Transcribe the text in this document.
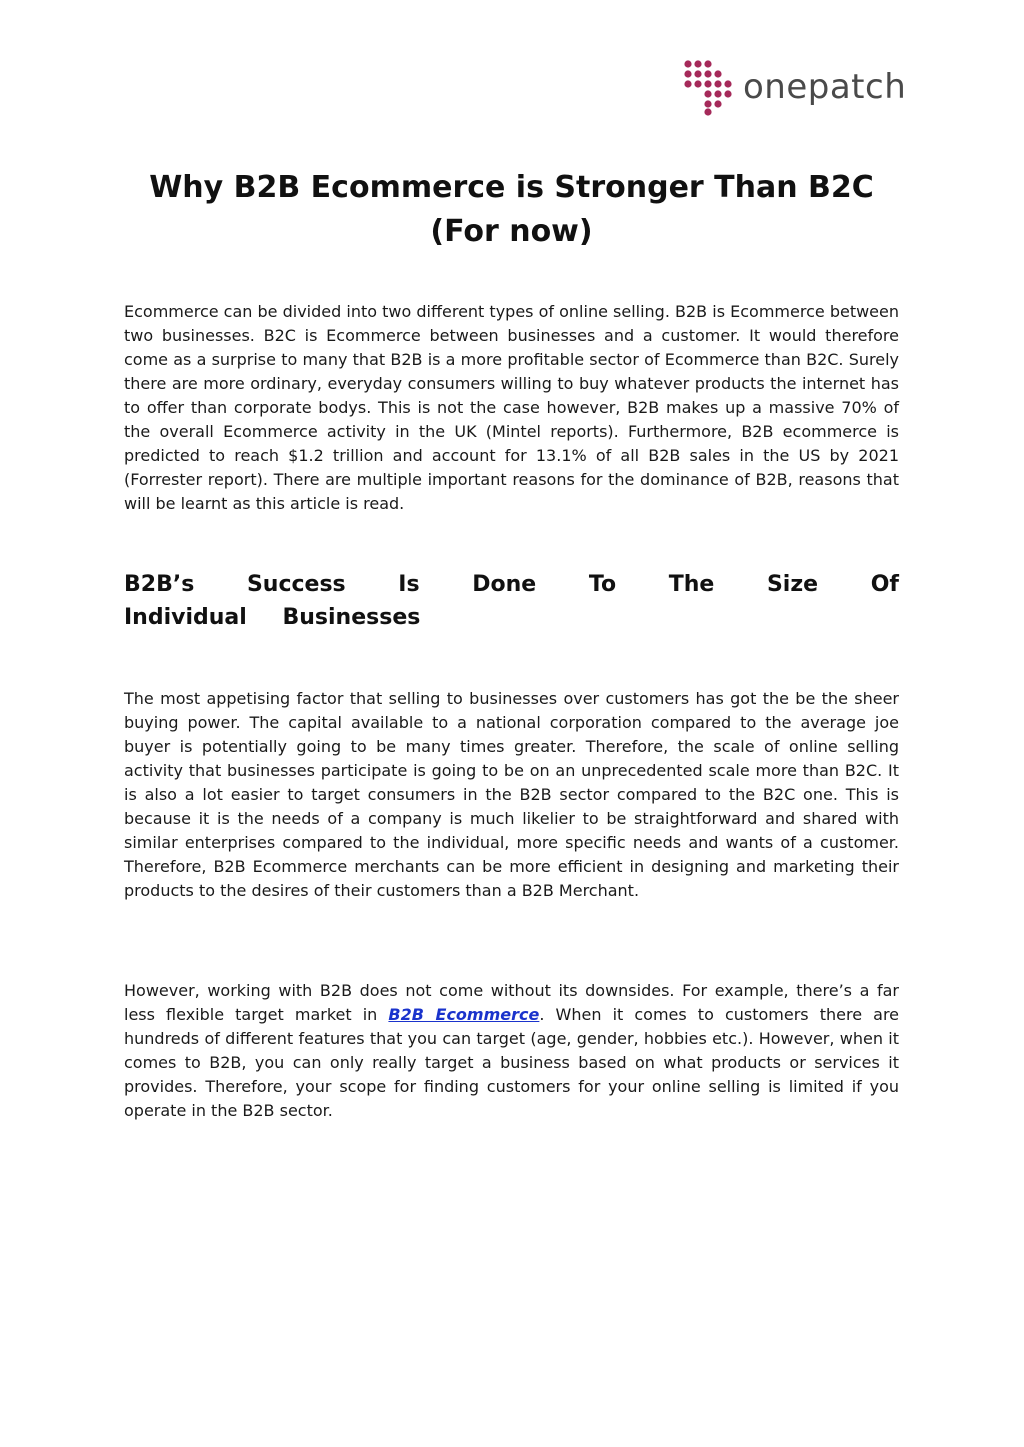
onepatch
Why B2B Ecommerce is Stronger Than B2C (For now)

Ecommerce can be divided into two different types of online selling. B2B is Ecommerce between two businesses. B2C is Ecommerce between businesses and a customer. It would therefore come as a surprise to many that B2B is a more profitable sector of Ecommerce than B2C. Surely there are more ordinary, everyday consumers willing to buy whatever products the internet has to offer than corporate bodys. This is not the case however, B2B makes up a massive 70% of the overall Ecommerce activity in the UK (Mintel reports). Furthermore, B2B ecommerce is predicted to reach $1.2 trillion and account for 13.1% of all B2B sales in the US by 2021 (Forrester report). There are multiple important reasons for the dominance of B2B, reasons that will be learnt as this article is read.

B2B’s Success Is Done To The Size Of Individual Businesses

The most appetising factor that selling to businesses over customers has got the be the sheer buying power. The capital available to a national corporation compared to the average joe buyer is potentially going to be many times greater. Therefore, the scale of online selling activity that businesses participate is going to be on an unprecedented scale more than B2C. It is also a lot easier to target consumers in the B2B sector compared to the B2C one. This is because it is the needs of a company is much likelier to be straightforward and shared with similar enterprises compared to the individual, more specific needs and wants of a customer. Therefore, B2B Ecommerce merchants can be more efficient in designing and marketing their products to the desires of their customers than a B2B Merchant.

However, working with B2B does not come without its downsides. For example, there’s a far less flexible target market in B2B Ecommerce. When it comes to customers there are hundreds of different features that you can target (age, gender, hobbies etc.). However, when it comes to B2B, you can only really target a business based on what products or services it provides. Therefore, your scope for finding customers for your online selling is limited if you operate in the B2B sector.
